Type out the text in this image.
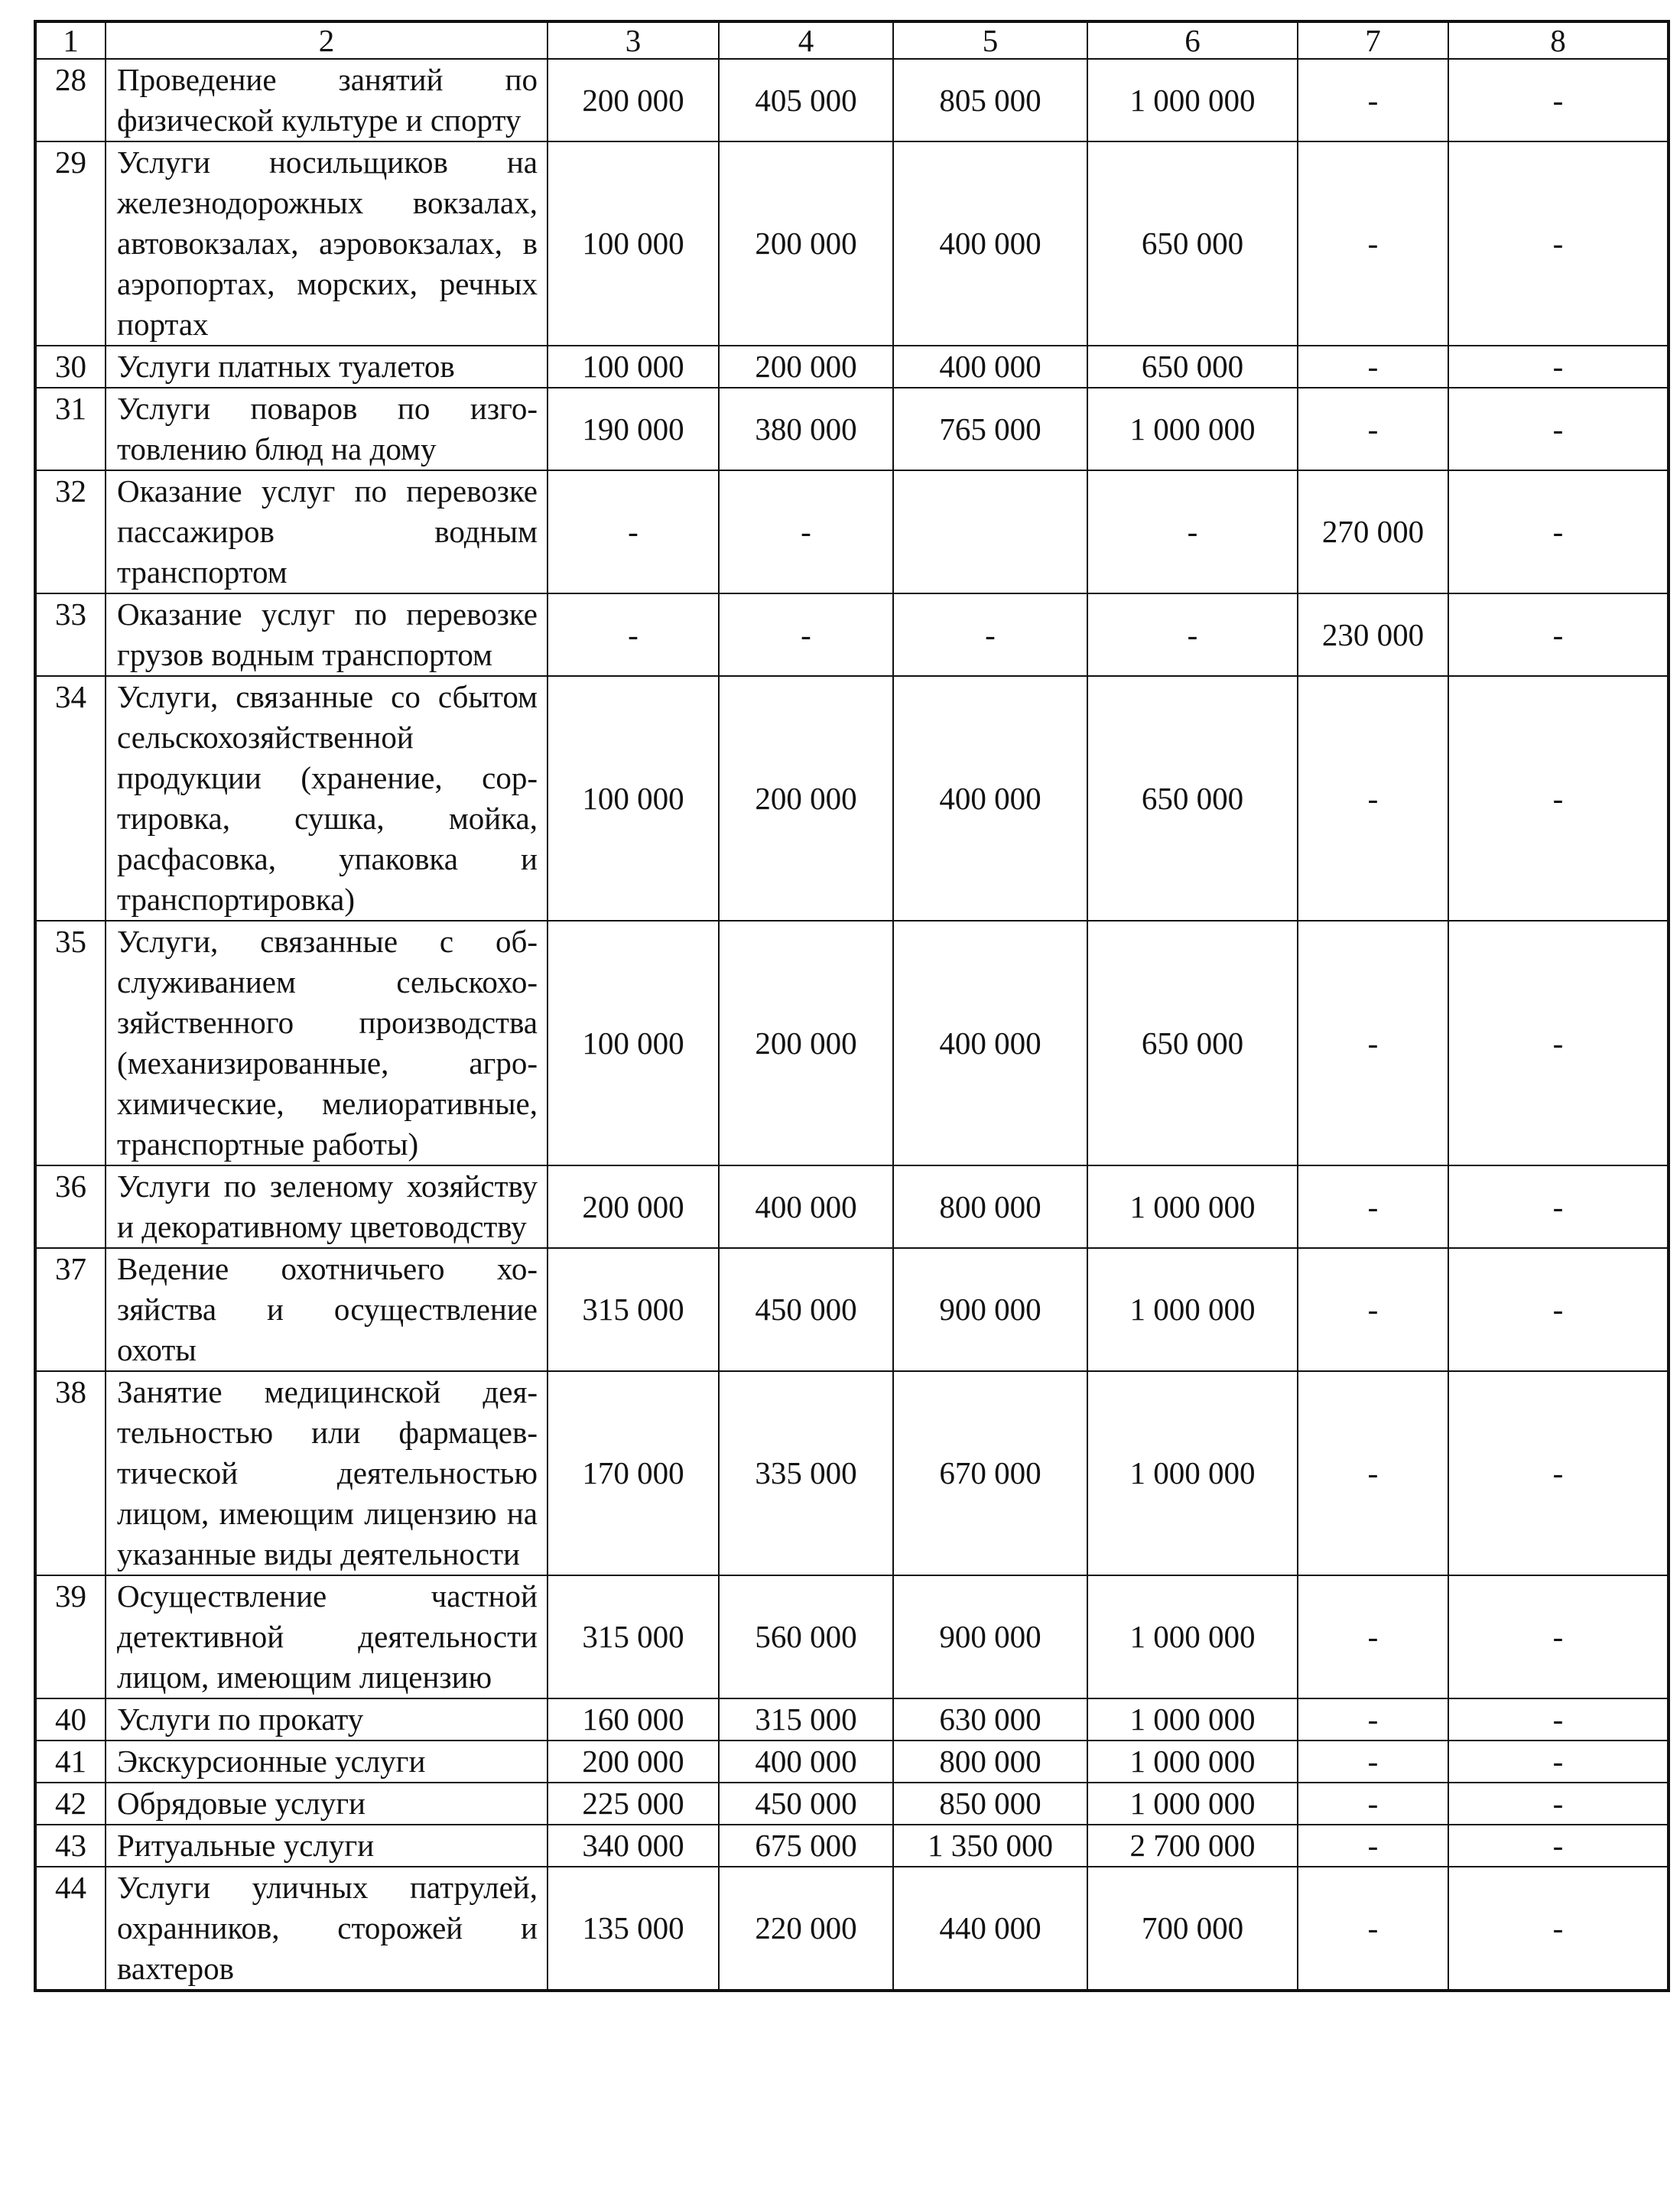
1	2	3	4	5	6	7	8
28	Проведение занятий по физической культуре и спорту	200 000	405 000	805 000	1 000 000	-	-
29	Услуги носильщиков на железнодорожных вокзалах, автовокзалах, аэровокзалах, в аэропортах, морских, речных портах	100 000	200 000	400 000	650 000	-	-
30	Услуги платных туалетов	100 000	200 000	400 000	650 000	-	-
31	Услуги поваров по изготовлению блюд на дому	190 000	380 000	765 000	1 000 000	-	-
32	Оказание услуг по перевозке пассажиров водным транспортом	-	-		-	270 000	-
33	Оказание услуг по перевозке грузов водным транспортом	-	-	-	-	230 000	-
34	Услуги, связанные со сбытом сельскохозяйственной продукции (хранение, сортировка, сушка, мойка, расфасовка, упаковка и транспортировка)	100 000	200 000	400 000	650 000	-	-
35	Услуги, связанные с обслуживанием сельскохозяйственного производства (механизированные, агрохимические, мелиоративные, транспортные работы)	100 000	200 000	400 000	650 000	-	-
36	Услуги по зеленому хозяйству и декоративному цветоводству	200 000	400 000	800 000	1 000 000	-	-
37	Ведение охотничьего хозяйства и осуществление охоты	315 000	450 000	900 000	1 000 000	-	-
38	Занятие медицинской деятельностью или фармацевтической деятельностью лицом, имеющим лицензию на указанные виды деятельности	170 000	335 000	670 000	1 000 000	-	-
39	Осуществление частной детективной деятельности лицом, имеющим лицензию	315 000	560 000	900 000	1 000 000	-	-
40	Услуги по прокату	160 000	315 000	630 000	1 000 000	-	-
41	Экскурсионные услуги	200 000	400 000	800 000	1 000 000	-	-
42	Обрядовые услуги	225 000	450 000	850 000	1 000 000	-	-
43	Ритуальные услуги	340 000	675 000	1 350 000	2 700 000	-	-
44	Услуги уличных патрулей, охранников, сторожей и вахтеров	135 000	220 000	440 000	700 000	-	-
